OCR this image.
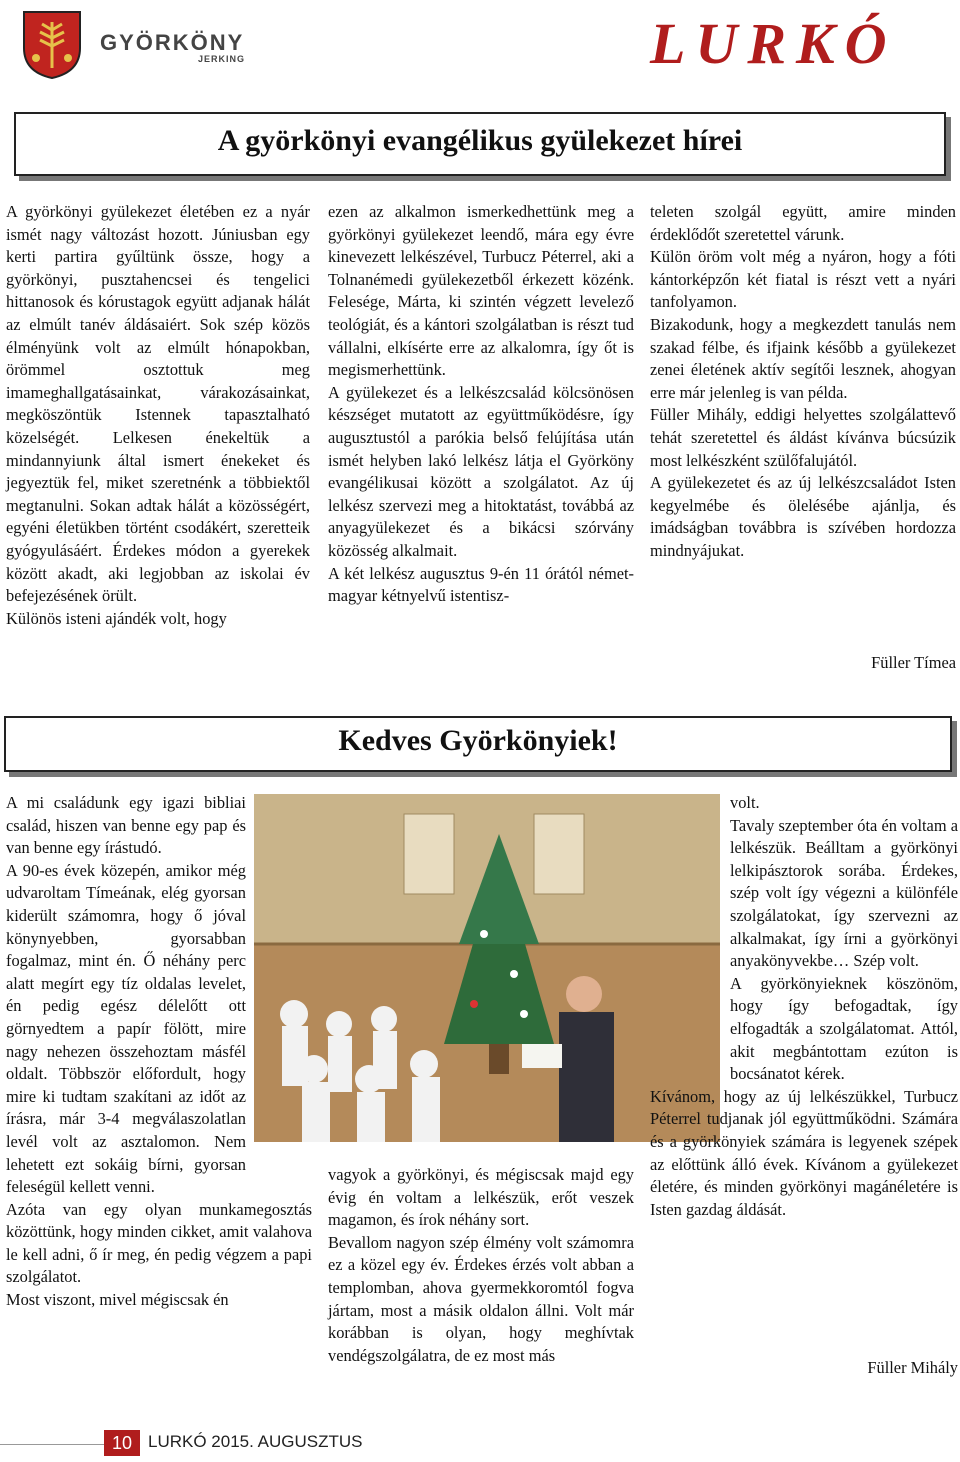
GYÖRKÖNY
JERKING	LURKÓ
A györkönyi evangélikus gyülekezet hírei

A györkönyi gyülekezet életében ez a nyár ismét nagy változást hozott. Júniusban egy kerti partira gyűltünk össze, hogy a györkönyi, pusztahencsei és tengelici hittanosok és kórustagok együtt adjanak hálát az elmúlt tanév áldásaiért. Sok szép közös élményünk volt az elmúlt hónapokban, örömmel osztottuk meg imameghallgatásainkat, várakozásainkat, megköszöntük Istennek tapasztalható közelségét. Lelkesen énekeltük a mindannyiunk által ismert énekeket és jegyeztük fel, miket szeretnénk a többiektől megtanulni. Sokan adtak hálát a közösségért, egyéni életükben történt csodákért, szeretteik gyógyulásáért. Érdekes módon a gyerekek között akadt, aki legjobban az iskolai év befejezésének örült.

Különös isteni ajándék volt, hogy

ezen az alkalmon ismerkedhettünk meg a györkönyi gyülekezet leendő, mára egy évre kinevezett lelkészével, Turbucz Péterrel, aki a Tolnanémedi gyülekezetből érkezett közénk. Felesége, Márta, ki szintén végzett levelező teológiát, és a kántori szolgálatban is részt tud vállalni, elkísérte erre az alkalomra, így őt is megismerhettünk.

A gyülekezet és a lelkészcsalád kölcsönösen készséget mutatott az együttműködésre, így augusztustól a parókia belső felújítása után ismét helyben lakó lelkész látja el Györköny evangélikusai között a szolgálatot. Az új lelkész szervezi meg a hitoktatást, továbbá az anyagyülekezet és a bikácsi szórvány közösség alkalmait.

A két lelkész augusztus 9-én 11 órától német-magyar kétnyelvű istentisz-

teleten szolgál együtt, amire minden érdeklődőt szeretettel várunk.

Külön öröm volt még a nyáron, hogy a fóti kántorképzőn két fiatal is részt vett a nyári tanfolyamon.

Bizakodunk, hogy a megkezdett tanulás nem szakad félbe, és ifjaink később a gyülekezet zenei életének aktív segítői lesznek, ahogyan erre már jelenleg is van példa.

Füller Mihály, eddigi helyettes szolgálattevő tehát szeretettel és áldást kívánva búcsúzik most lelkészként szülőfalujától.

A gyülekezetet és az új lelkészcsaládot Isten kegyelmébe és ölelésébe ajánlja, és imádságban továbbra is szívében hordozza mindnyájukat.

Füller Tímea
Kedves Györkönyiek!

A mi családunk egy igazi bibliai család, hiszen van benne egy pap és van benne egy írástudó.

A 90-es évek közepén, amikor még udvaroltam Tímeának, elég gyorsan kiderült számomra, hogy ő jóval könynyebben, gyorsabban fogalmaz, mint én. Ő néhány perc alatt megírt egy tíz oldalas levelet, én pedig egész délelőtt ott görnyedtem a papír fölött, mire nagy nehezen összehoztam másfél oldalt. Többször előfordult, hogy mire ki tudtam szakítani az időt az írásra, már 3-4 megválaszolatlan levél volt az asztalomon. Nem lehetett ezt sokáig bírni, gyorsan feleségül kellett venni.

Azóta van egy olyan munkamegosztás közöttünk, hogy minden cikket, amit valahova le kell adni, ő ír meg, én pedig végzem a papi szolgálatot.

Most viszont, mivel mégiscsak én

vagyok a györkönyi, és mégiscsak majd egy évig én voltam a lelkészük, erőt veszek magamon, és írok néhány sort.

Bevallom nagyon szép élmény volt számomra ez a közel egy év. Érdekes érzés volt abban a templomban, ahova gyermekkoromtól fogva jártam, most a másik oldalon állni. Volt már korábban is olyan, hogy meghívtak vendégszolgálatra, de ez most más

volt.

Tavaly szeptember óta én voltam a lelkészük. Beálltam a györkönyi lelkipásztorok sorába. Érdekes, szép volt így végezni a különféle szolgálatokat, így szervezni az alkalmakat, így írni a györkönyi anyakönyvekbe… Szép volt.

A györkönyieknek köszönöm, hogy így befogadtak, így elfogadták a szolgálatomat. Attól, akit megbántottam ezúton is bocsánatot kérek.

Kívánom, hogy az új lelkészükkel, Turbucz Péterrel tudjanak jól együttműködni. Számára és a györkönyiek számára is legyenek szépek az előttünk álló évek. Kívánom a gyülekezet életére, és minden györkönyi magánéletére is Isten gazdag áldását.

Füller Mihály
10 LURKÓ 2015. AUGUSZTUS
